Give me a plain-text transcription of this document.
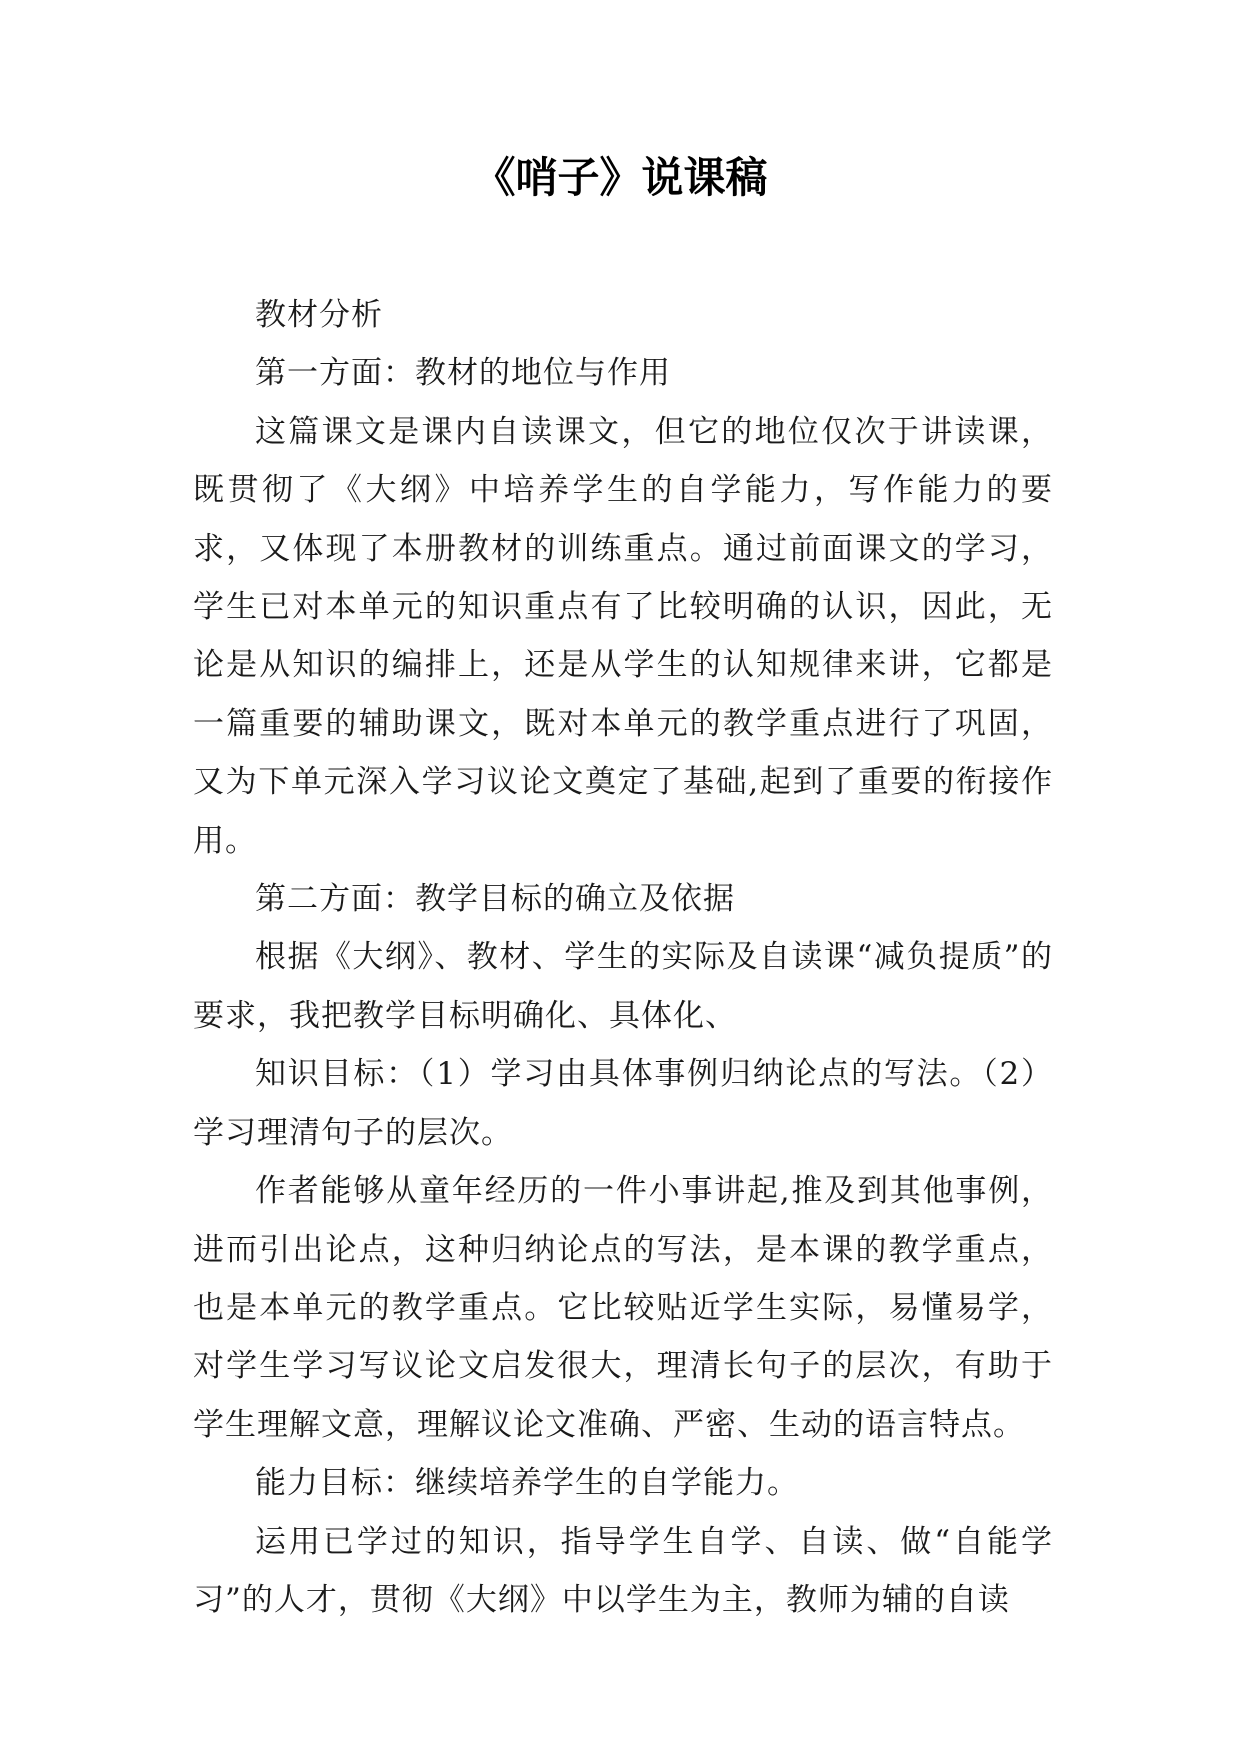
《哨子》说课稿

教材分析

第一方面：教材的地位与作用

这篇课文是课内自读课文，但它的地位仅次于讲读课，既贯彻了《大纲》中培养学生的自学能力，写作能力的要求，又体现了本册教材的训练重点。通过前面课文的学习，学生已对本单元的知识重点有了比较明确的认识，因此，无论是从知识的编排上，还是从学生的认知规律来讲，它都是一篇重要的辅助课文，既对本单元的教学重点进行了巩固，又为下单元深入学习议论文奠定了基础,起到了重要的衔接作用。

第二方面：教学目标的确立及依据

根据《大纲》、教材、学生的实际及自读课“减负提质”的要求，我把教学目标明确化、具体化、

知识目标：（1）学习由具体事例归纳论点的写法。（2）学习理清句子的层次。

作者能够从童年经历的一件小事讲起,推及到其他事例，进而引出论点，这种归纳论点的写法，是本课的教学重点，也是本单元的教学重点。它比较贴近学生实际，易懂易学，对学生学习写议论文启发很大，理清长句子的层次，有助于学生理解文意，理解议论文准确、严密、生动的语言特点。

能力目标：继续培养学生的自学能力。

运用已学过的知识，指导学生自学、自读、做“自能学习”的人才，贯彻《大纲》中以学生为主，教师为辅的自读
